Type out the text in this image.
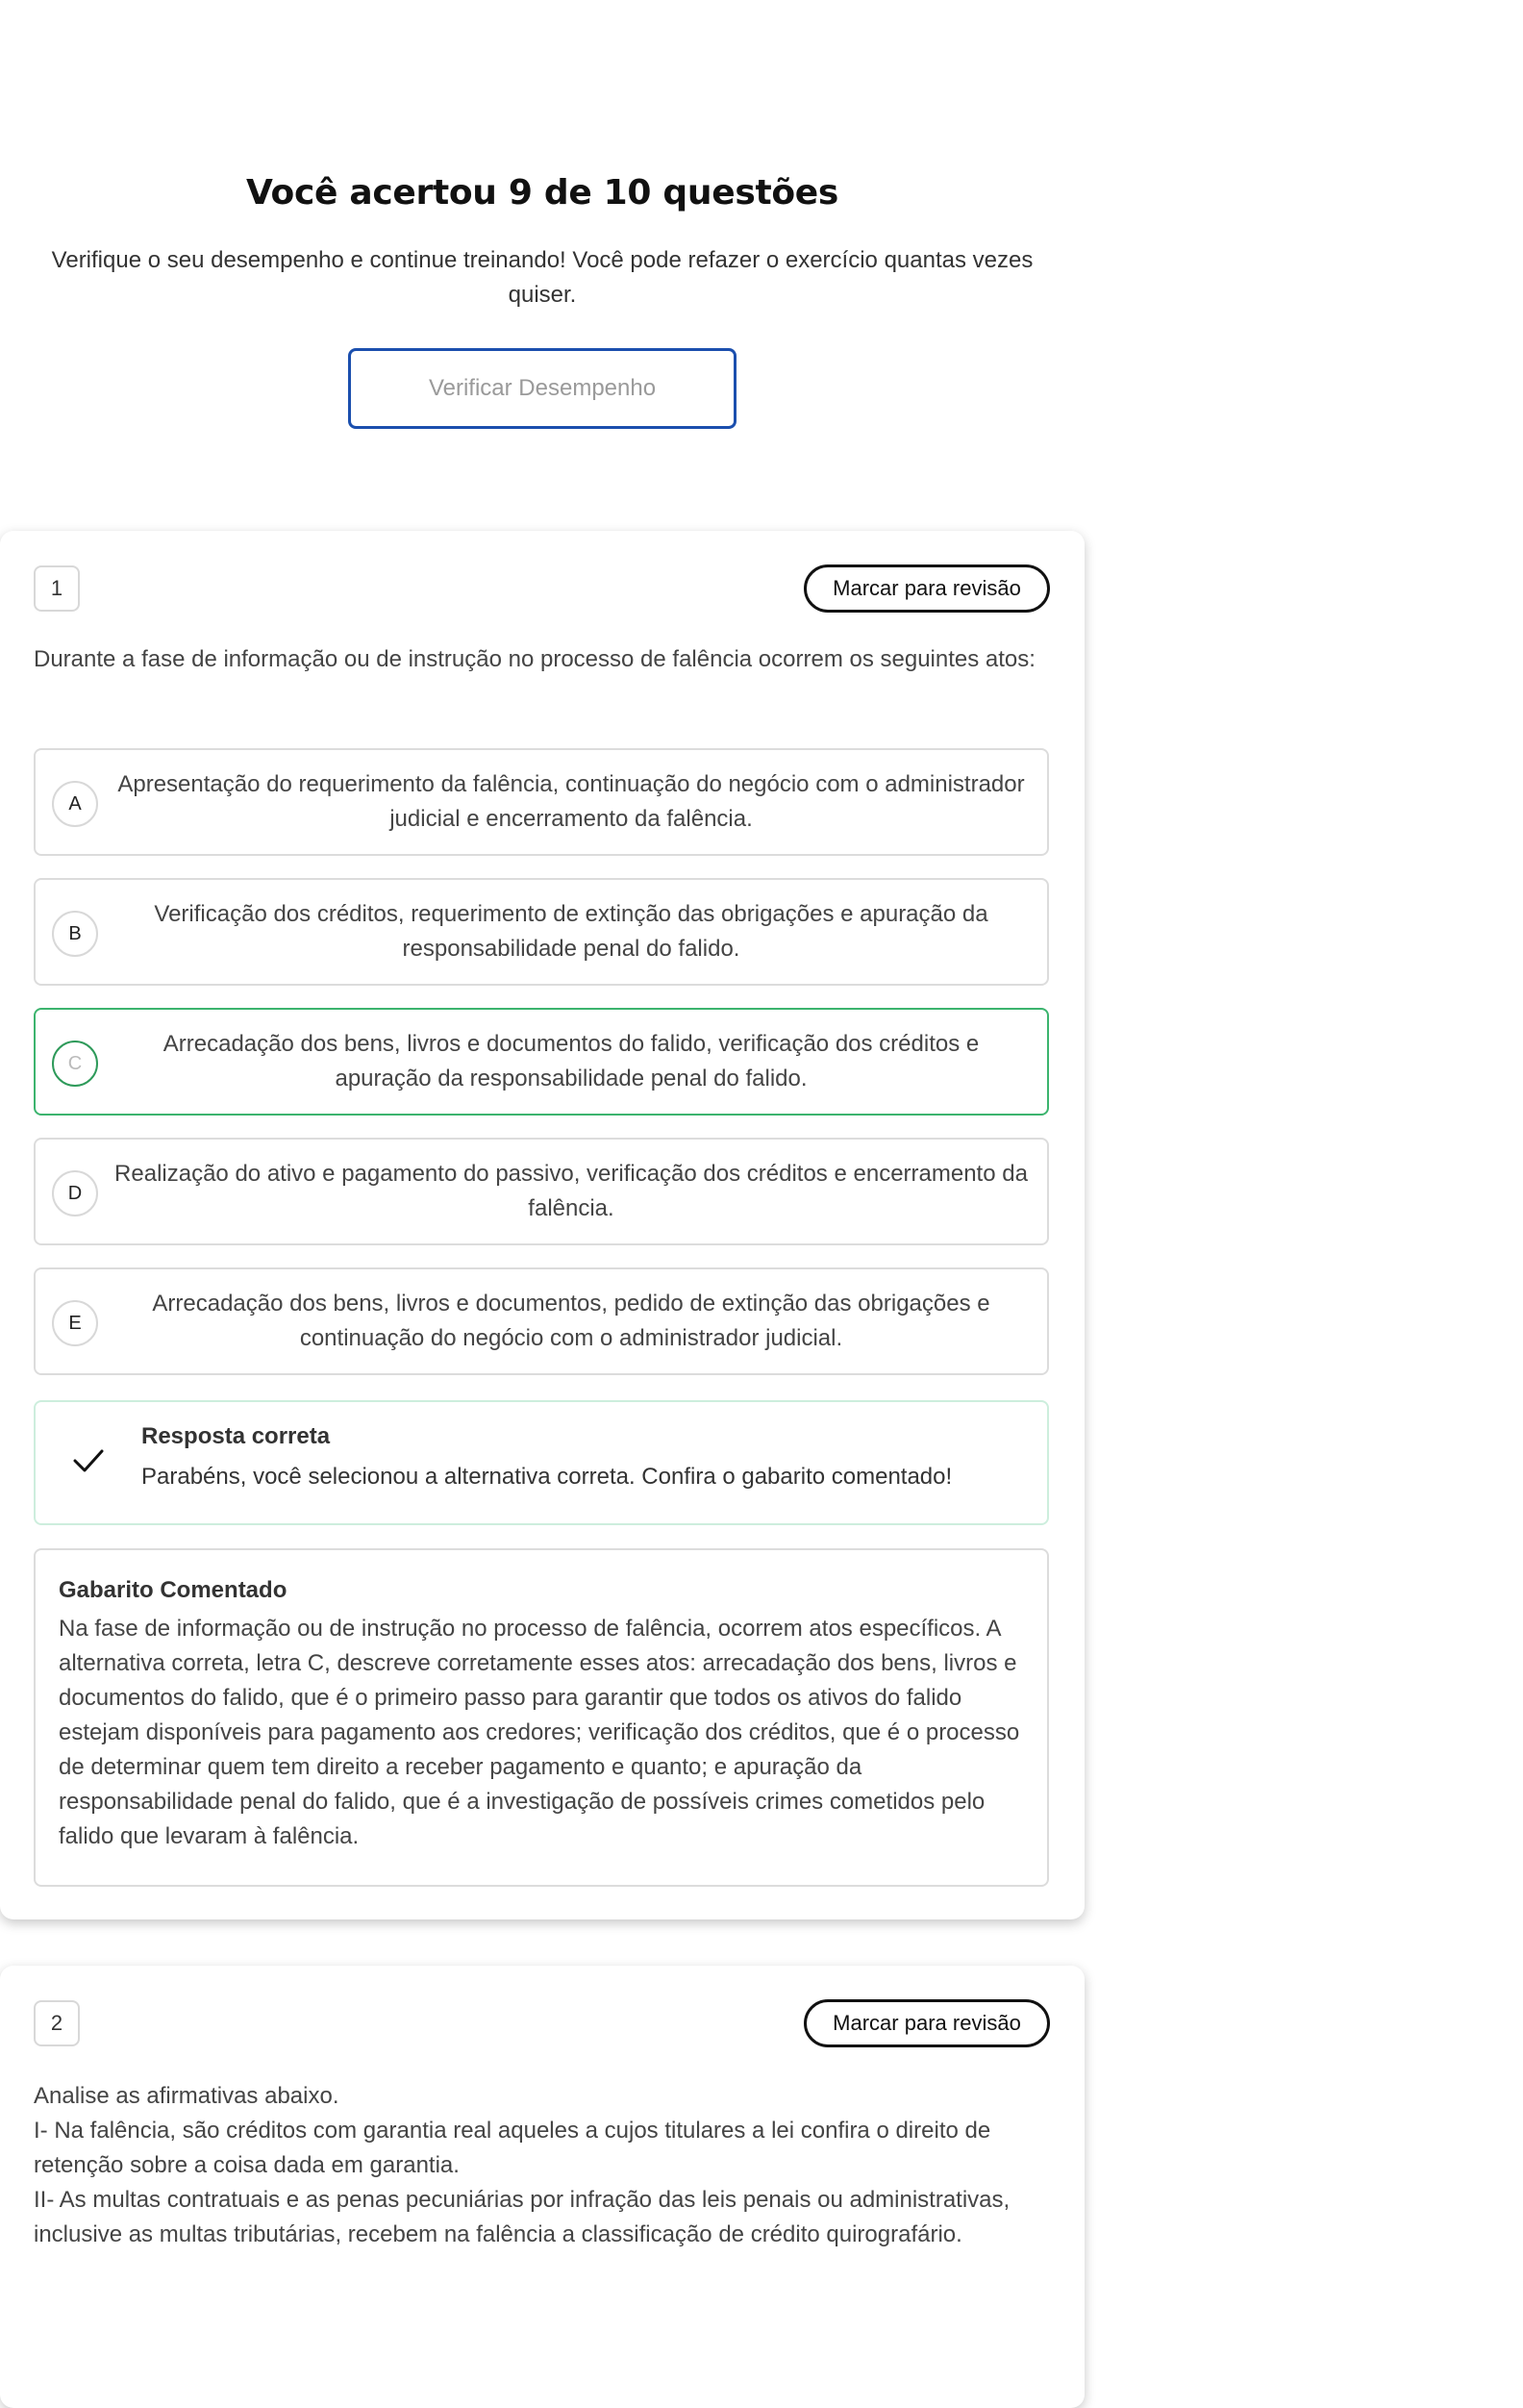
Você acertou 9 de 10 questões

Verifique o seu desempenho e continue treinando! Você pode refazer o exercício quantas vezes quiser.

Verificar Desempenho
1	Marcar para revisão

Durante a fase de informação ou de instrução no processo de falência ocorrem os seguintes atos:

A
Apresentação do requerimento da falência, continuação do negócio com o administrador judicial e encerramento da falência.
B
Verificação dos créditos, requerimento de extinção das obrigações e apuração da responsabilidade penal do falido.
C
Arrecadação dos bens, livros e documentos do falido, verificação dos créditos e apuração da responsabilidade penal do falido.
D
Realização do ativo e pagamento do passivo, verificação dos créditos e encerramento da falência.
E
Arrecadação dos bens, livros e documentos, pedido de extinção das obrigações e continuação do negócio com o administrador judicial.
Resposta correta
Parabéns, você selecionou a alternativa correta. Confira o gabarito comentado!
Gabarito Comentado
Na fase de informação ou de instrução no processo de falência, ocorrem atos específicos. A alternativa correta, letra C, descreve corretamente esses atos: arrecadação dos bens, livros e documentos do falido, que é o primeiro passo para garantir que todos os ativos do falido estejam disponíveis para pagamento aos credores; verificação dos créditos, que é o processo de determinar quem tem direito a receber pagamento e quanto; e apuração da responsabilidade penal do falido, que é a investigação de possíveis crimes cometidos pelo falido que levaram à falência.
2	Marcar para revisão

Analise as afirmativas abaixo.
I- Na falência, são créditos com garantia real aqueles a cujos titulares a lei confira o direito de retenção sobre a coisa dada em garantia.
II- As multas contratuais e as penas pecuniárias por infração das leis penais ou administrativas, inclusive as multas tributárias, recebem na falência a classificação de crédito quirografário.
